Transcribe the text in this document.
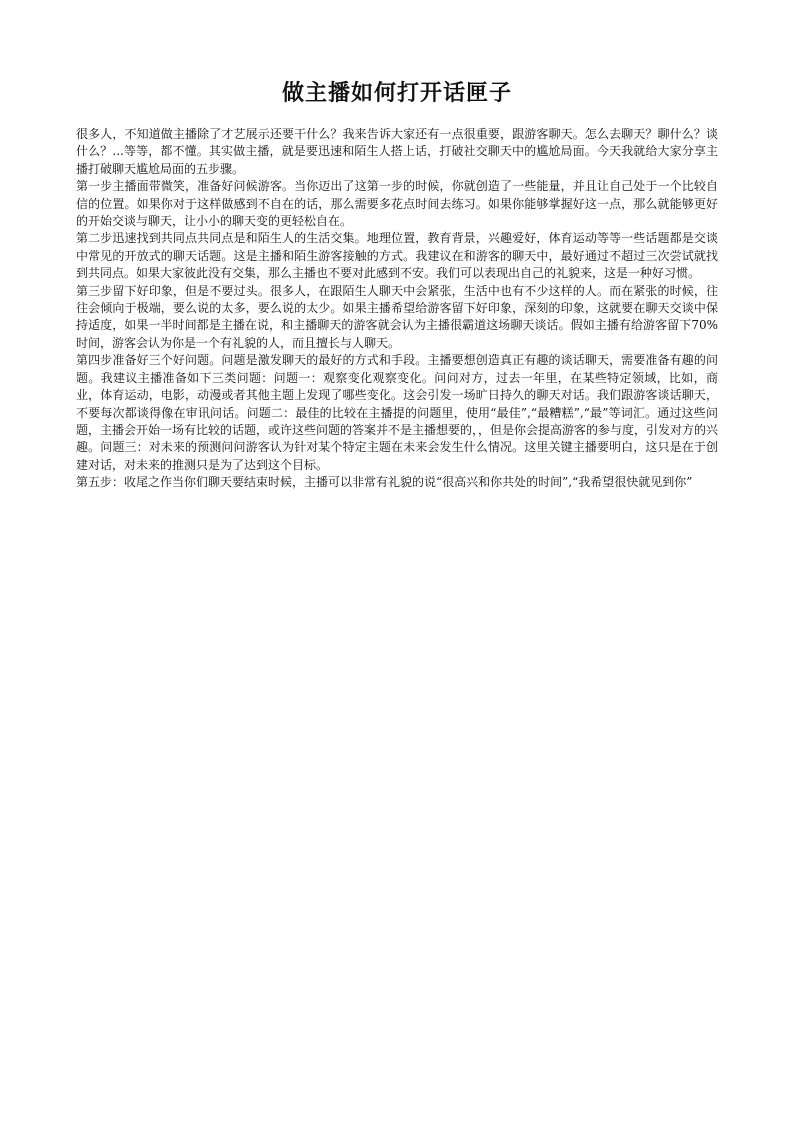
做主播如何打开话匣子

很多人，不知道做主播除了才艺展示还要干什么？我来告诉大家还有一点很重要，跟游客聊天。怎么去聊天？聊什么？谈什么？...等等，都不懂。其实做主播，就是要迅速和陌生人搭上话，打破社交聊天中的尴尬局面。今天我就给大家分享主播打破聊天尴尬局面的五步骤。

第一步主播面带微笑，准备好问候游客。当你迈出了这第一步的时候，你就创造了一些能量，并且让自己处于一个比较自信的位置。如果你对于这样做感到不自在的话，那么需要多花点时间去练习。如果你能够掌握好这一点，那么就能够更好的开始交谈与聊天，让小小的聊天变的更轻松自在。

第二步迅速找到共同点共同点是和陌生人的生活交集。地理位置，教育背景，兴趣爱好，体育运动等等一些话题都是交谈中常见的开放式的聊天话题。这是主播和陌生游客接触的方式。我建议在和游客的聊天中，最好通过不超过三次尝试就找到共同点。如果大家彼此没有交集，那么主播也不要对此感到不安。我们可以表现出自己的礼貌来，这是一种好习惯。

第三步留下好印象，但是不要过头。很多人，在跟陌生人聊天中会紧张，生活中也有不少这样的人。而在紧张的时候，往往会倾向于极端，要么说的太多，要么说的太少。如果主播希望给游客留下好印象，深刻的印象，这就要在聊天交谈中保持适度，如果一半时间都是主播在说，和主播聊天的游客就会认为主播很霸道这场聊天谈话。假如主播有给游客留下70%时间，游客会认为你是一个有礼貌的人，而且擅长与人聊天。

第四步准备好三个好问题。问题是激发聊天的最好的方式和手段。主播要想创造真正有趣的谈话聊天，需要准备有趣的问题。我建议主播准备如下三类问题：问题一：观察变化观察变化。问问对方，过去一年里，在某些特定领域，比如，商业，体育运动，电影，动漫或者其他主题上发现了哪些变化。这会引发一场旷日持久的聊天对话。我们跟游客谈话聊天，不要每次都谈得像在审讯问话。问题二：最佳的比较在主播提的问题里，使用“最佳”,“最糟糕”,“最”等词汇。通过这些问题，主播会开始一场有比较的话题，或许这些问题的答案并不是主播想要的，，但是你会提高游客的参与度，引发对方的兴趣。问题三：对未来的预测问问游客认为针对某个特定主题在未来会发生什么情况。这里关键主播要明白，这只是在于创建对话，对未来的推测只是为了达到这个目标。

第五步：收尾之作当你们聊天要结束时候，主播可以非常有礼貌的说“很高兴和你共处的时间”,“我希望很快就见到你”
